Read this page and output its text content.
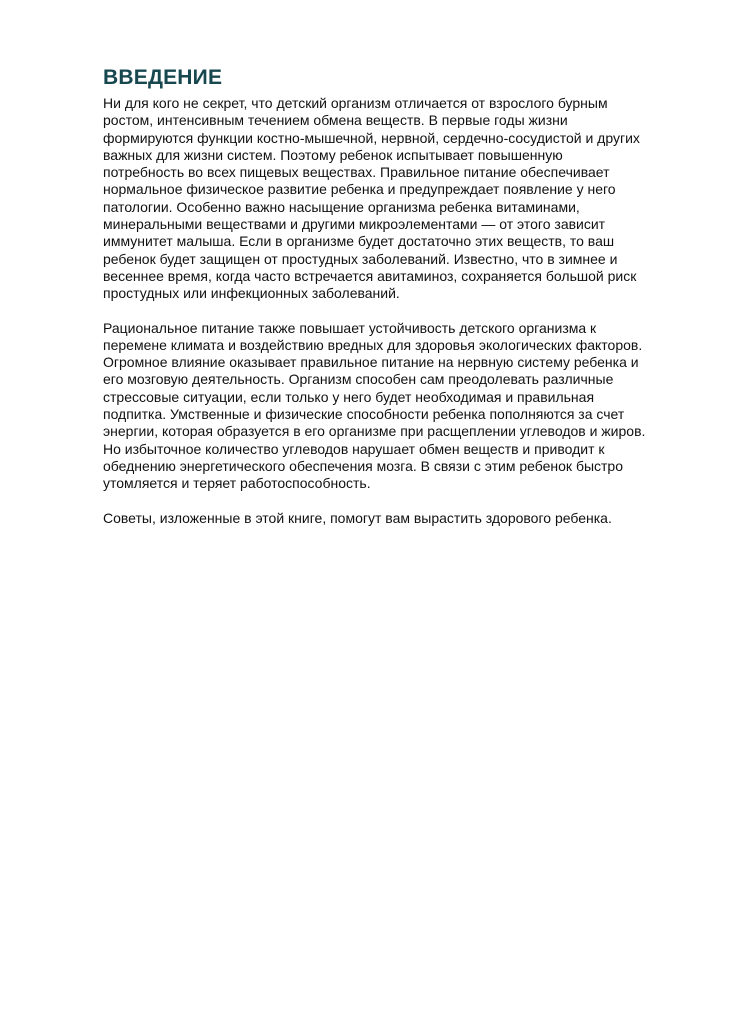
ВВЕДЕНИЕ

Ни для кого не секрет, что детский организм отличается от взрослого бурным
ростом, интенсивным течением обмена веществ. В первые годы жизни
формируются функции костно-мышечной, нервной, сердечно-сосудистой и других
важных для жизни систем. Поэтому ребенок испытывает повышенную
потребность во всех пищевых веществах. Правильное питание обеспечивает
нормальное физическое развитие ребенка и предупреждает появление у него
патологии. Особенно важно насыщение организма ребенка витаминами,
минеральными веществами и другими микроэлементами — от этого зависит
иммунитет малыша. Если в организме будет достаточно этих веществ, то ваш
ребенок будет защищен от простудных заболеваний. Известно, что в зимнее и
весеннее время, когда часто встречается авитаминоз, сохраняется большой риск
простудных или инфекционных заболеваний.

Рациональное питание также повышает устойчивость детского организма к
перемене климата и воздействию вредных для здоровья экологических факторов.
Огромное влияние оказывает правильное питание на нервную систему ребенка и
его мозговую деятельность. Организм способен сам преодолевать различные
стрессовые ситуации, если только у него будет необходимая и правильная
подпитка. Умственные и физические способности ребенка пополняются за счет
энергии, которая образуется в его организме при расщеплении углеводов и жиров.
Но избыточное количество углеводов нарушает обмен веществ и приводит к
обеднению энергетического обеспечения мозга. В связи с этим ребенок быстро
утомляется и теряет работоспособность.

Советы, изложенные в этой книге, помогут вам вырастить здорового ребенка.
